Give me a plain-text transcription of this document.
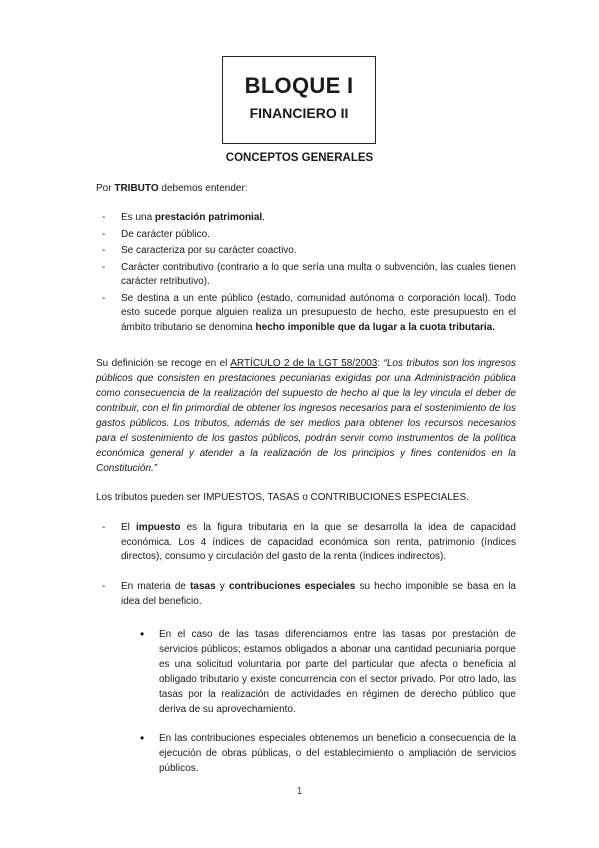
BLOQUE I
FINANCIERO II
CONCEPTOS GENERALES
Por TRIBUTO debemos entender:
- Es una prestación patrimonial.
- De carácter público.
- Se caracteriza por su carácter coactivo.
- Carácter contributivo (contrario a lo que sería una multa o subvención, las cuales tienen carácter retributivo).
- Se destina a un ente público (estado, comunidad autónoma o corporación local). Todo esto sucede porque alguien realiza un presupuesto de hecho, este presupuesto en el ámbito tributario se denomina hecho imponible que da lugar a la cuota tributaria.
Su definición se recoge en el ARTÍCULO 2 de la LGT 58/2003: “Los tributos son los ingresos públicos que consisten en prestaciones pecuniarias exigidas por una Administración pública como consecuencia de la realización del supuesto de hecho al que la ley vincula el deber de contribuir, con el fin primordial de obtener los ingresos necesarios para el sostenimiento de los gastos públicos. Los tributos, además de ser medios para obtener los recursos necesarios para el sostenimiento de los gastos públicos, podrán servir como instrumentos de la política económica general y atender a la realización de los principios y fines contenidos en la Constitución.”
Los tributos pueden ser IMPUESTOS, TASAS o CONTRIBUCIONES ESPECIALES.
- El impuesto es la figura tributaria en la que se desarrolla la idea de capacidad económica. Los 4 índices de capacidad económica son renta, patrimonio (índices directos), consumo y circulación del gasto de la renta (índices indirectos).
- En materia de tasas y contribuciones especiales su hecho imponible se basa en la idea del beneficio.
• En el caso de las tasas diferenciamos entre las tasas por prestación de servicios públicos; estamos obligados a abonar una cantidad pecuniaria porque es una solicitud voluntaria por parte del particular que afecta o beneficia al obligado tributario y existe concurrencia con el sector privado. Por otro lado, las tasas por la realización de actividades en régimen de derecho público que deriva de su aprovechamiento.
• En las contribuciones especiales obtenemos un beneficio a consecuencia de la ejecución de obras públicas, o del establecimiento o ampliación de servicios públicos.
1
